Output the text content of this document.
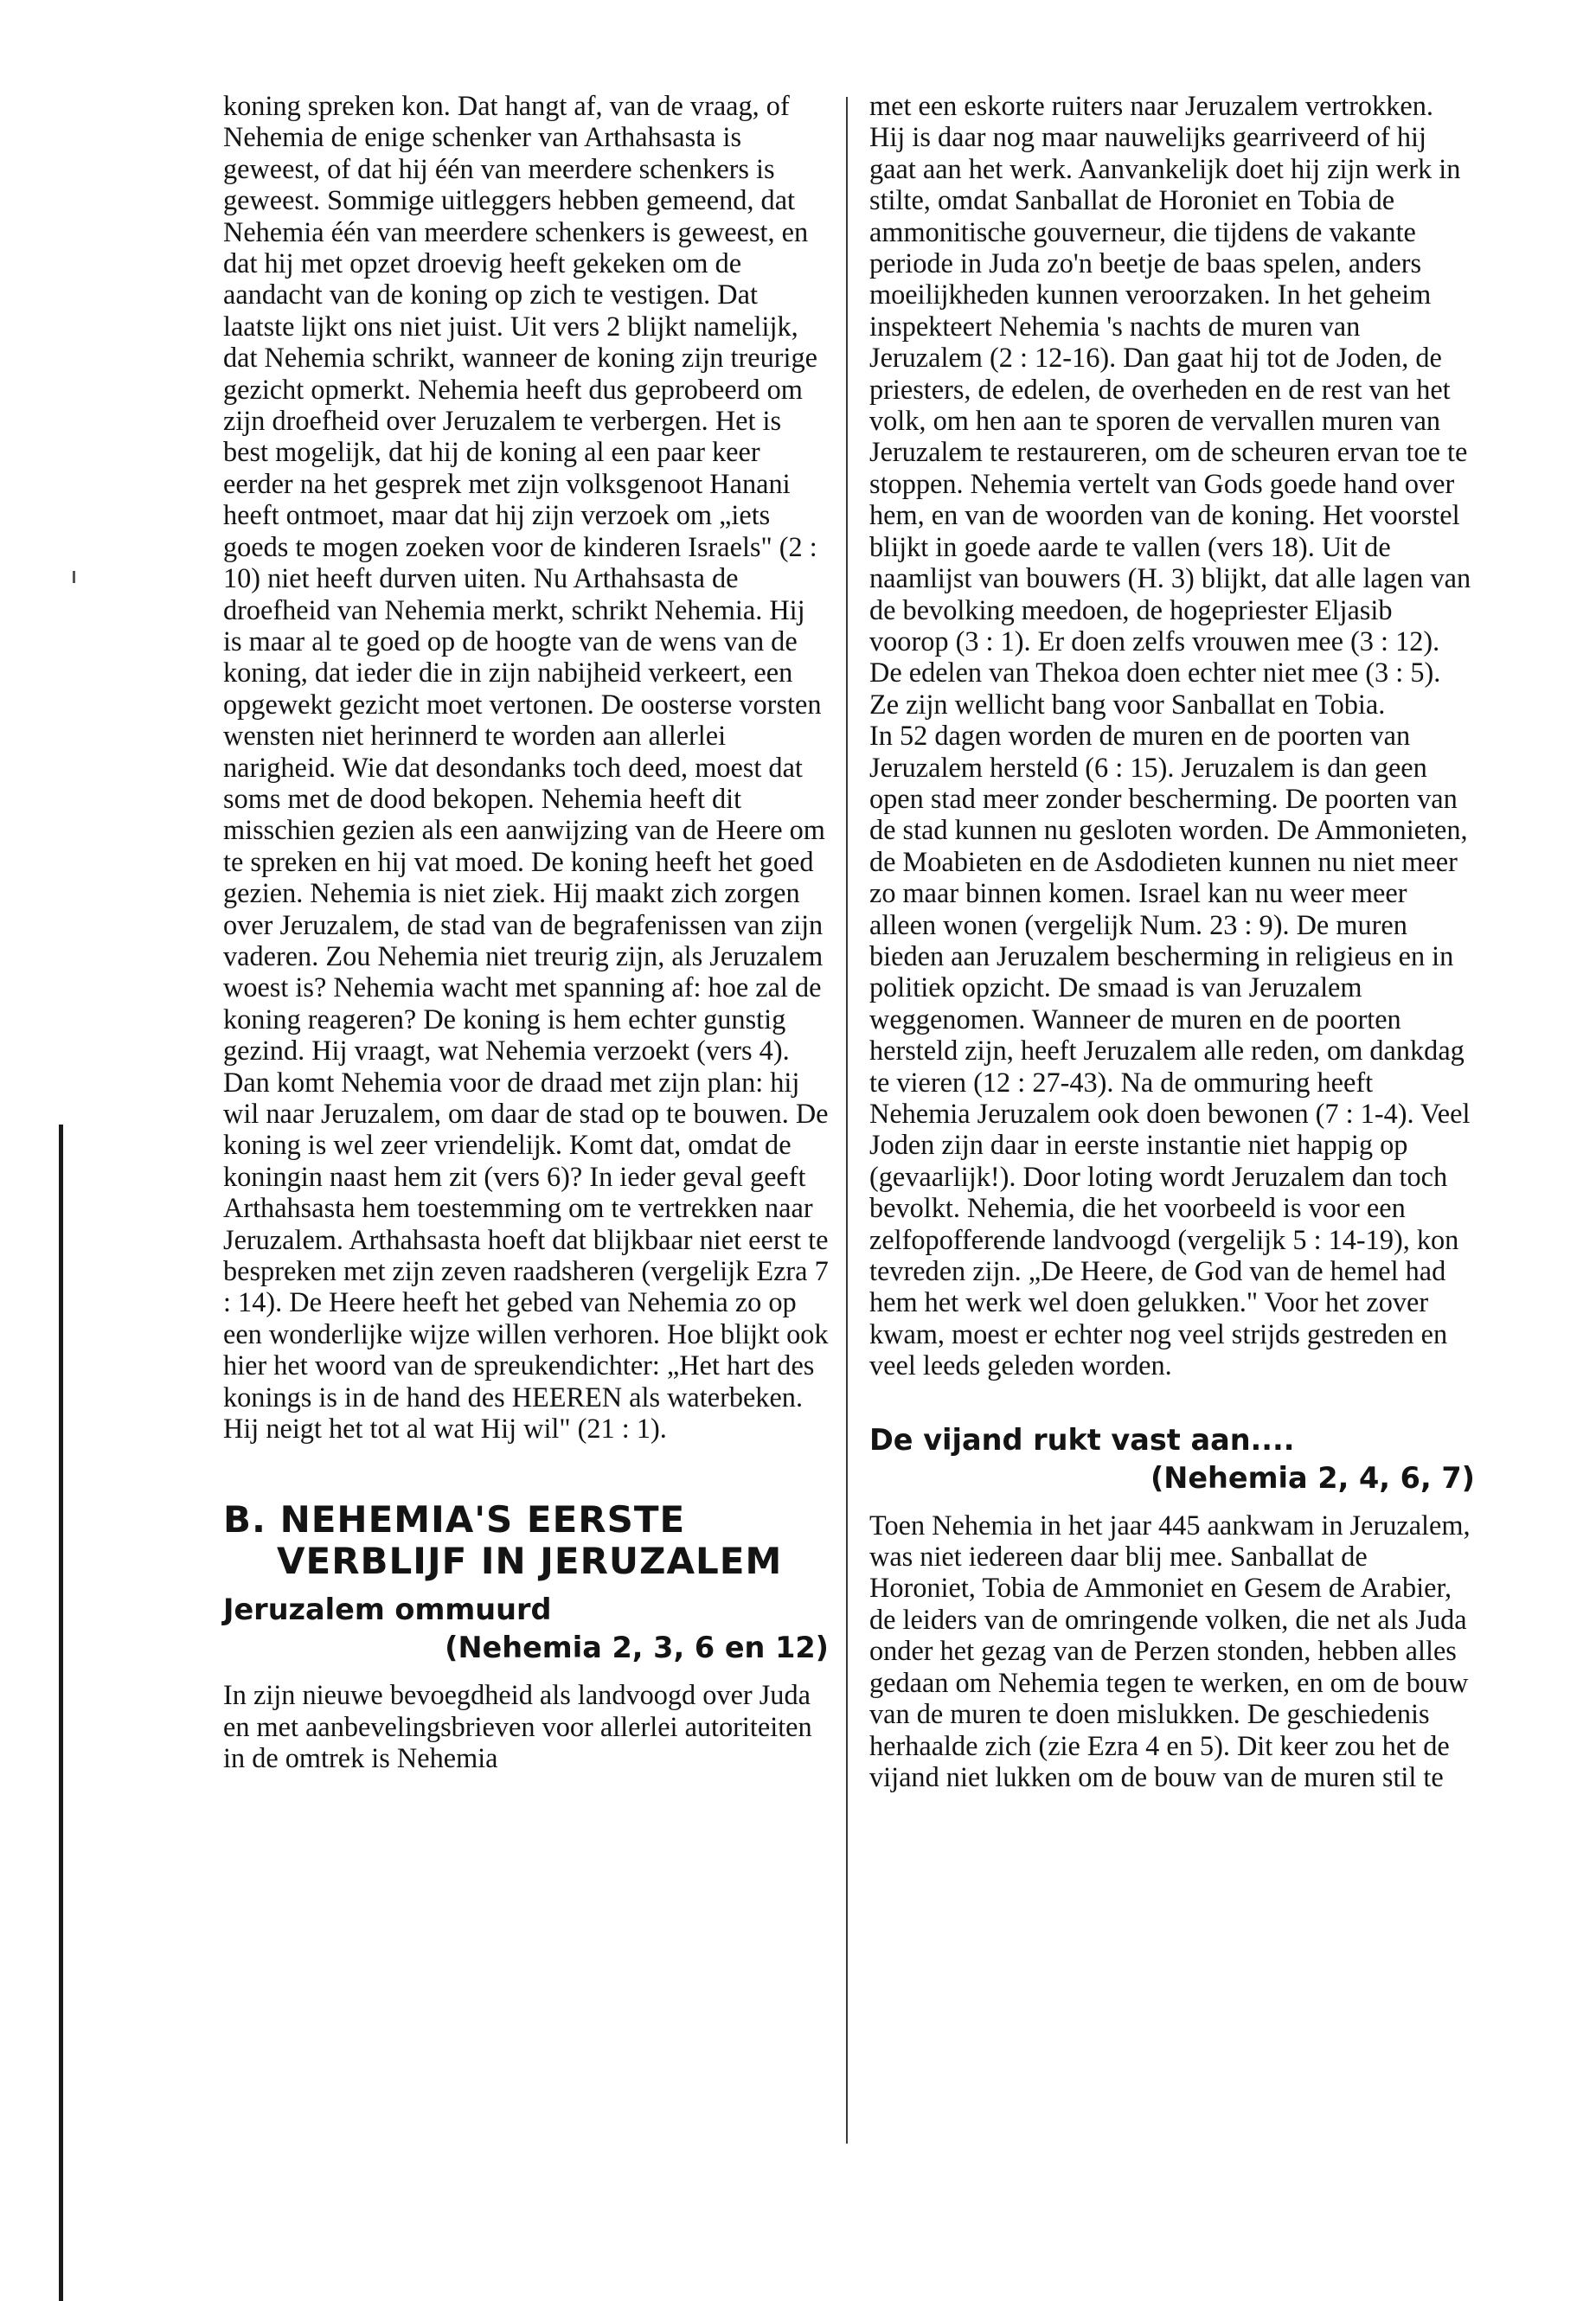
koning spreken kon. Dat hangt af, van de vraag, of Nehemia de enige schenker van Arthahsasta is geweest, of dat hij één van meerdere schenkers is geweest. Sommige uitleggers hebben gemeend, dat Nehemia één van meerdere schenkers is geweest, en dat hij met opzet droevig heeft gekeken om de aandacht van de koning op zich te vestigen. Dat laatste lijkt ons niet juist. Uit vers 2 blijkt namelijk, dat Nehemia schrikt, wanneer de koning zijn treurige gezicht opmerkt. Nehemia heeft dus geprobeerd om zijn droefheid over Jeruzalem te verbergen. Het is best mogelijk, dat hij de koning al een paar keer eerder na het gesprek met zijn volksgenoot Hanani heeft ontmoet, maar dat hij zijn verzoek om „iets goeds te mogen zoeken voor de kinderen Israels" (2 : 10) niet heeft durven uiten. Nu Arthahsasta de droefheid van Nehemia merkt, schrikt Nehemia. Hij is maar al te goed op de hoogte van de wens van de koning, dat ieder die in zijn nabijheid verkeert, een opgewekt gezicht moet vertonen. De oosterse vorsten wensten niet herinnerd te worden aan allerlei narigheid. Wie dat desondanks toch deed, moest dat soms met de dood bekopen. Nehemia heeft dit misschien gezien als een aanwijzing van de Heere om te spreken en hij vat moed. De koning heeft het goed gezien. Nehemia is niet ziek. Hij maakt zich zorgen over Jeruzalem, de stad van de begrafenissen van zijn vaderen. Zou Nehemia niet treurig zijn, als Jeruzalem woest is? Nehemia wacht met spanning af: hoe zal de koning reageren? De koning is hem echter gunstig gezind. Hij vraagt, wat Nehemia verzoekt (vers 4). Dan komt Nehemia voor de draad met zijn plan: hij wil naar Jeruzalem, om daar de stad op te bouwen. De koning is wel zeer vriendelijk. Komt dat, omdat de koningin naast hem zit (vers 6)? In ieder geval geeft Arthahsasta hem toestemming om te vertrekken naar Jeruzalem. Arthahsasta hoeft dat blijkbaar niet eerst te bespreken met zijn zeven raadsheren (vergelijk Ezra 7 : 14). De Heere heeft het gebed van Nehemia zo op een wonderlijke wijze willen verhoren. Hoe blijkt ook hier het woord van de spreukendichter: „Het hart des konings is in de hand des HEEREN als waterbeken. Hij neigt het tot al wat Hij wil" (21 : 1).

B. NEHEMIA'S EERSTE
VERBLIJF IN JERUZALEM
Jeruzalem ommuurd
(Nehemia 2, 3, 6 en 12)

In zijn nieuwe bevoegdheid als landvoogd over Juda en met aanbevelingsbrieven voor allerlei autoriteiten in de omtrek is Nehemia

met een eskorte ruiters naar Jeruzalem vertrokken. Hij is daar nog maar nauwelijks gearriveerd of hij gaat aan het werk. Aanvankelijk doet hij zijn werk in stilte, omdat Sanballat de Horoniet en Tobia de ammonitische gouverneur, die tijdens de vakante periode in Juda zo'n beetje de baas spelen, anders moeilijkheden kunnen veroorzaken. In het geheim inspekteert Nehemia 's nachts de muren van Jeruzalem (2 : 12-16). Dan gaat hij tot de Joden, de priesters, de edelen, de overheden en de rest van het volk, om hen aan te sporen de vervallen muren van Jeruzalem te restaureren, om de scheuren ervan toe te stoppen. Nehemia vertelt van Gods goede hand over hem, en van de woorden van de koning. Het voorstel blijkt in goede aarde te vallen (vers 18). Uit de naamlijst van bouwers (H. 3) blijkt, dat alle lagen van de bevolking meedoen, de hogepriester Eljasib voorop (3 : 1). Er doen zelfs vrouwen mee (3 : 12). De edelen van Thekoa doen echter niet mee (3 : 5). Ze zijn wellicht bang voor Sanballat en Tobia.

In 52 dagen worden de muren en de poorten van Jeruzalem hersteld (6 : 15). Jeruzalem is dan geen open stad meer zonder bescherming. De poorten van de stad kunnen nu gesloten worden. De Ammonieten, de Moabieten en de Asdodieten kunnen nu niet meer zo maar binnen komen. Israel kan nu weer meer alleen wonen (vergelijk Num. 23 : 9). De muren bieden aan Jeruzalem bescherming in religieus en in politiek opzicht. De smaad is van Jeruzalem weggenomen. Wanneer de muren en de poorten hersteld zijn, heeft Jeruzalem alle reden, om dankdag te vieren (12 : 27-43). Na de ommuring heeft Nehemia Jeruzalem ook doen bewonen (7 : 1-4). Veel Joden zijn daar in eerste instantie niet happig op (gevaarlijk!). Door loting wordt Jeruzalem dan toch bevolkt. Nehemia, die het voorbeeld is voor een zelfopofferende landvoogd (vergelijk 5 : 14-19), kon tevreden zijn. „De Heere, de God van de hemel had hem het werk wel doen gelukken." Voor het zover kwam, moest er echter nog veel strijds gestreden en veel leeds geleden worden.

De vijand rukt vast aan....
(Nehemia 2, 4, 6, 7)

Toen Nehemia in het jaar 445 aankwam in Jeruzalem, was niet iedereen daar blij mee. Sanballat de Horoniet, Tobia de Ammoniet en Gesem de Arabier, de leiders van de omringende volken, die net als Juda onder het gezag van de Perzen stonden, hebben alles gedaan om Nehemia tegen te werken, en om de bouw van de muren te doen mislukken. De geschiedenis herhaalde zich (zie Ezra 4 en 5). Dit keer zou het de vijand niet lukken om de bouw van de muren stil te
